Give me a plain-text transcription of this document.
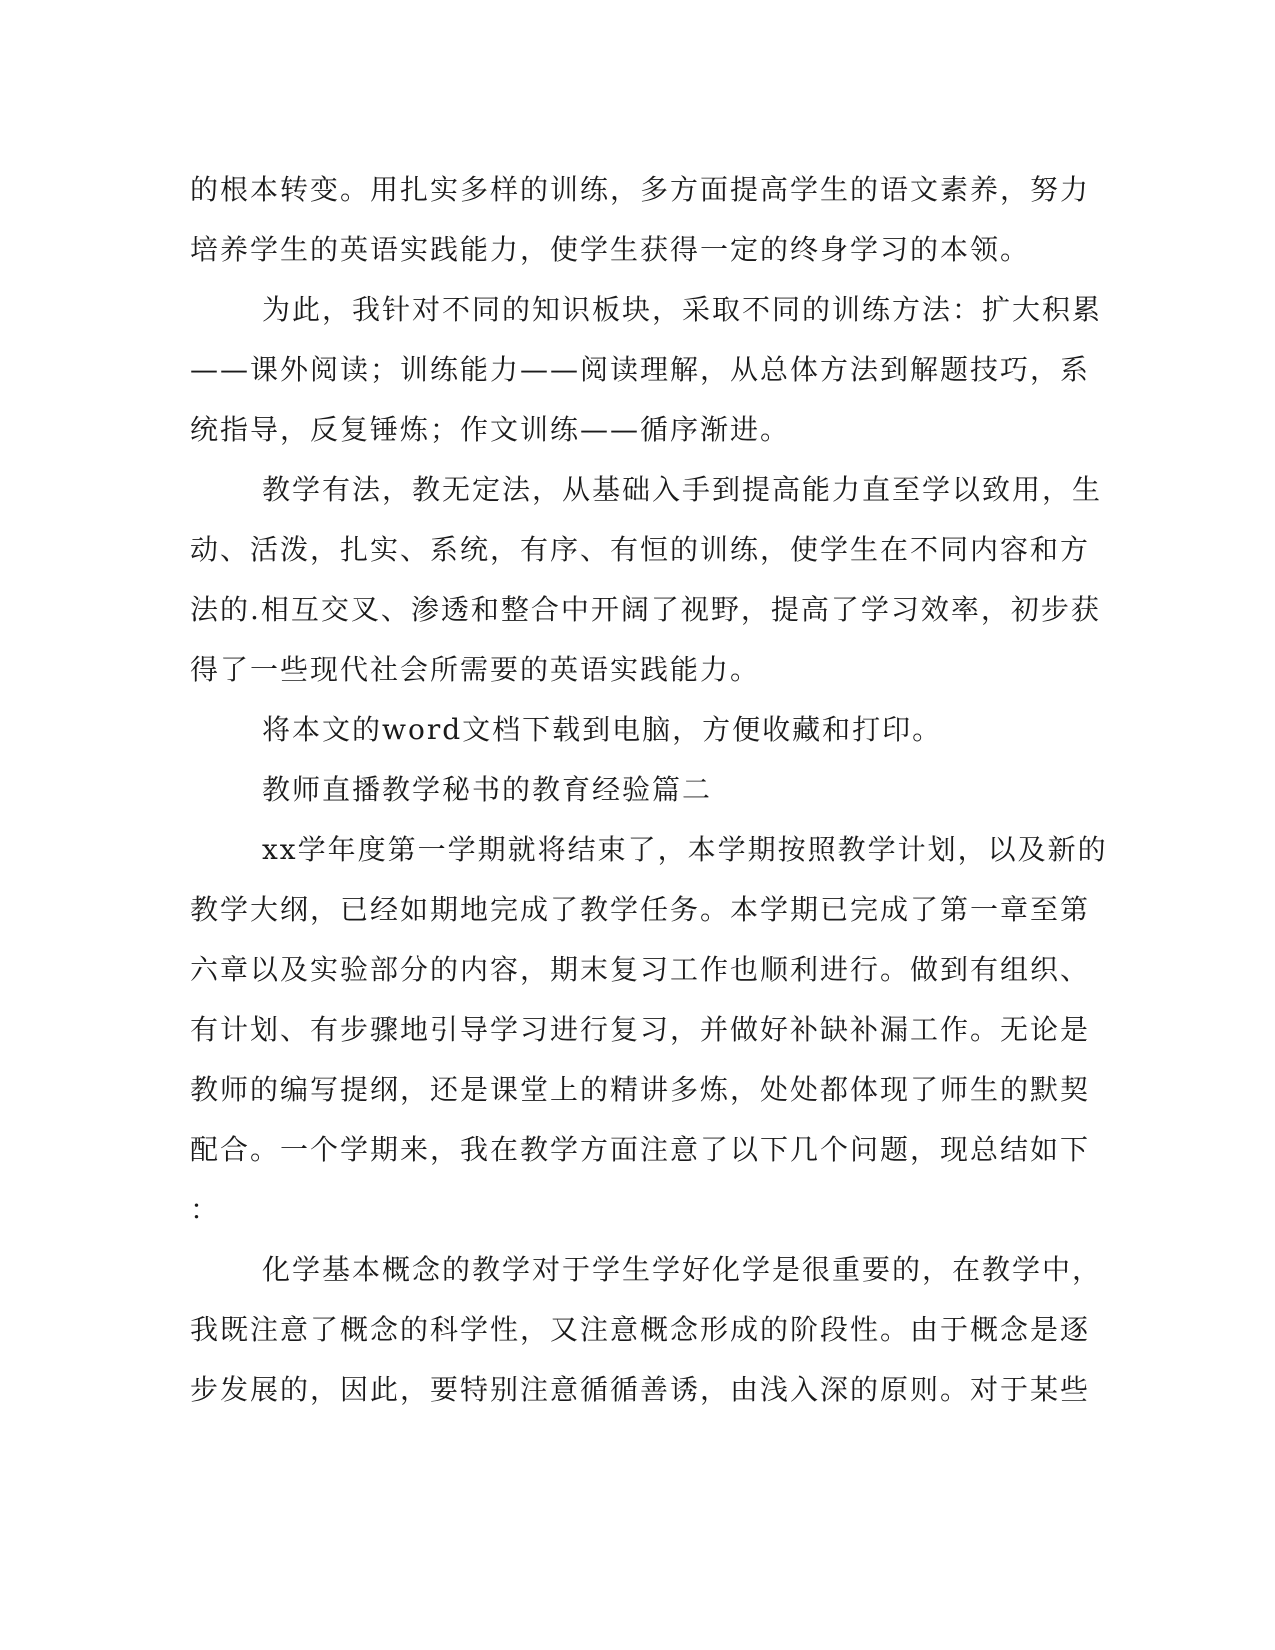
的根本转变。用扎实多样的训练，多方面提高学生的语文素养，努力
培养学生的英语实践能力，使学生获得一定的终身学习的本领。
为此，我针对不同的知识板块，采取不同的训练方法：扩大积累
——课外阅读；训练能力——阅读理解，从总体方法到解题技巧，系
统指导，反复锤炼；作文训练——循序渐进。
教学有法，教无定法，从基础入手到提高能力直至学以致用，生
动、活泼，扎实、系统，有序、有恒的训练，使学生在不同内容和方
法的.相互交叉、渗透和整合中开阔了视野，提高了学习效率，初步获
得了一些现代社会所需要的英语实践能力。
将本文的word文档下载到电脑，方便收藏和打印。
教师直播教学秘书的教育经验篇二
xx学年度第一学期就将结束了，本学期按照教学计划，以及新的
教学大纲，已经如期地完成了教学任务。本学期已完成了第一章至第
六章以及实验部分的内容，期末复习工作也顺利进行。做到有组织、
有计划、有步骤地引导学习进行复习，并做好补缺补漏工作。无论是
教师的编写提纲，还是课堂上的精讲多炼，处处都体现了师生的默契
配合。一个学期来，我在教学方面注意了以下几个问题，现总结如下
：
化学基本概念的教学对于学生学好化学是很重要的，在教学中，
我既注意了概念的科学性，又注意概念形成的阶段性。由于概念是逐
步发展的，因此，要特别注意循循善诱，由浅入深的原则。对于某些
